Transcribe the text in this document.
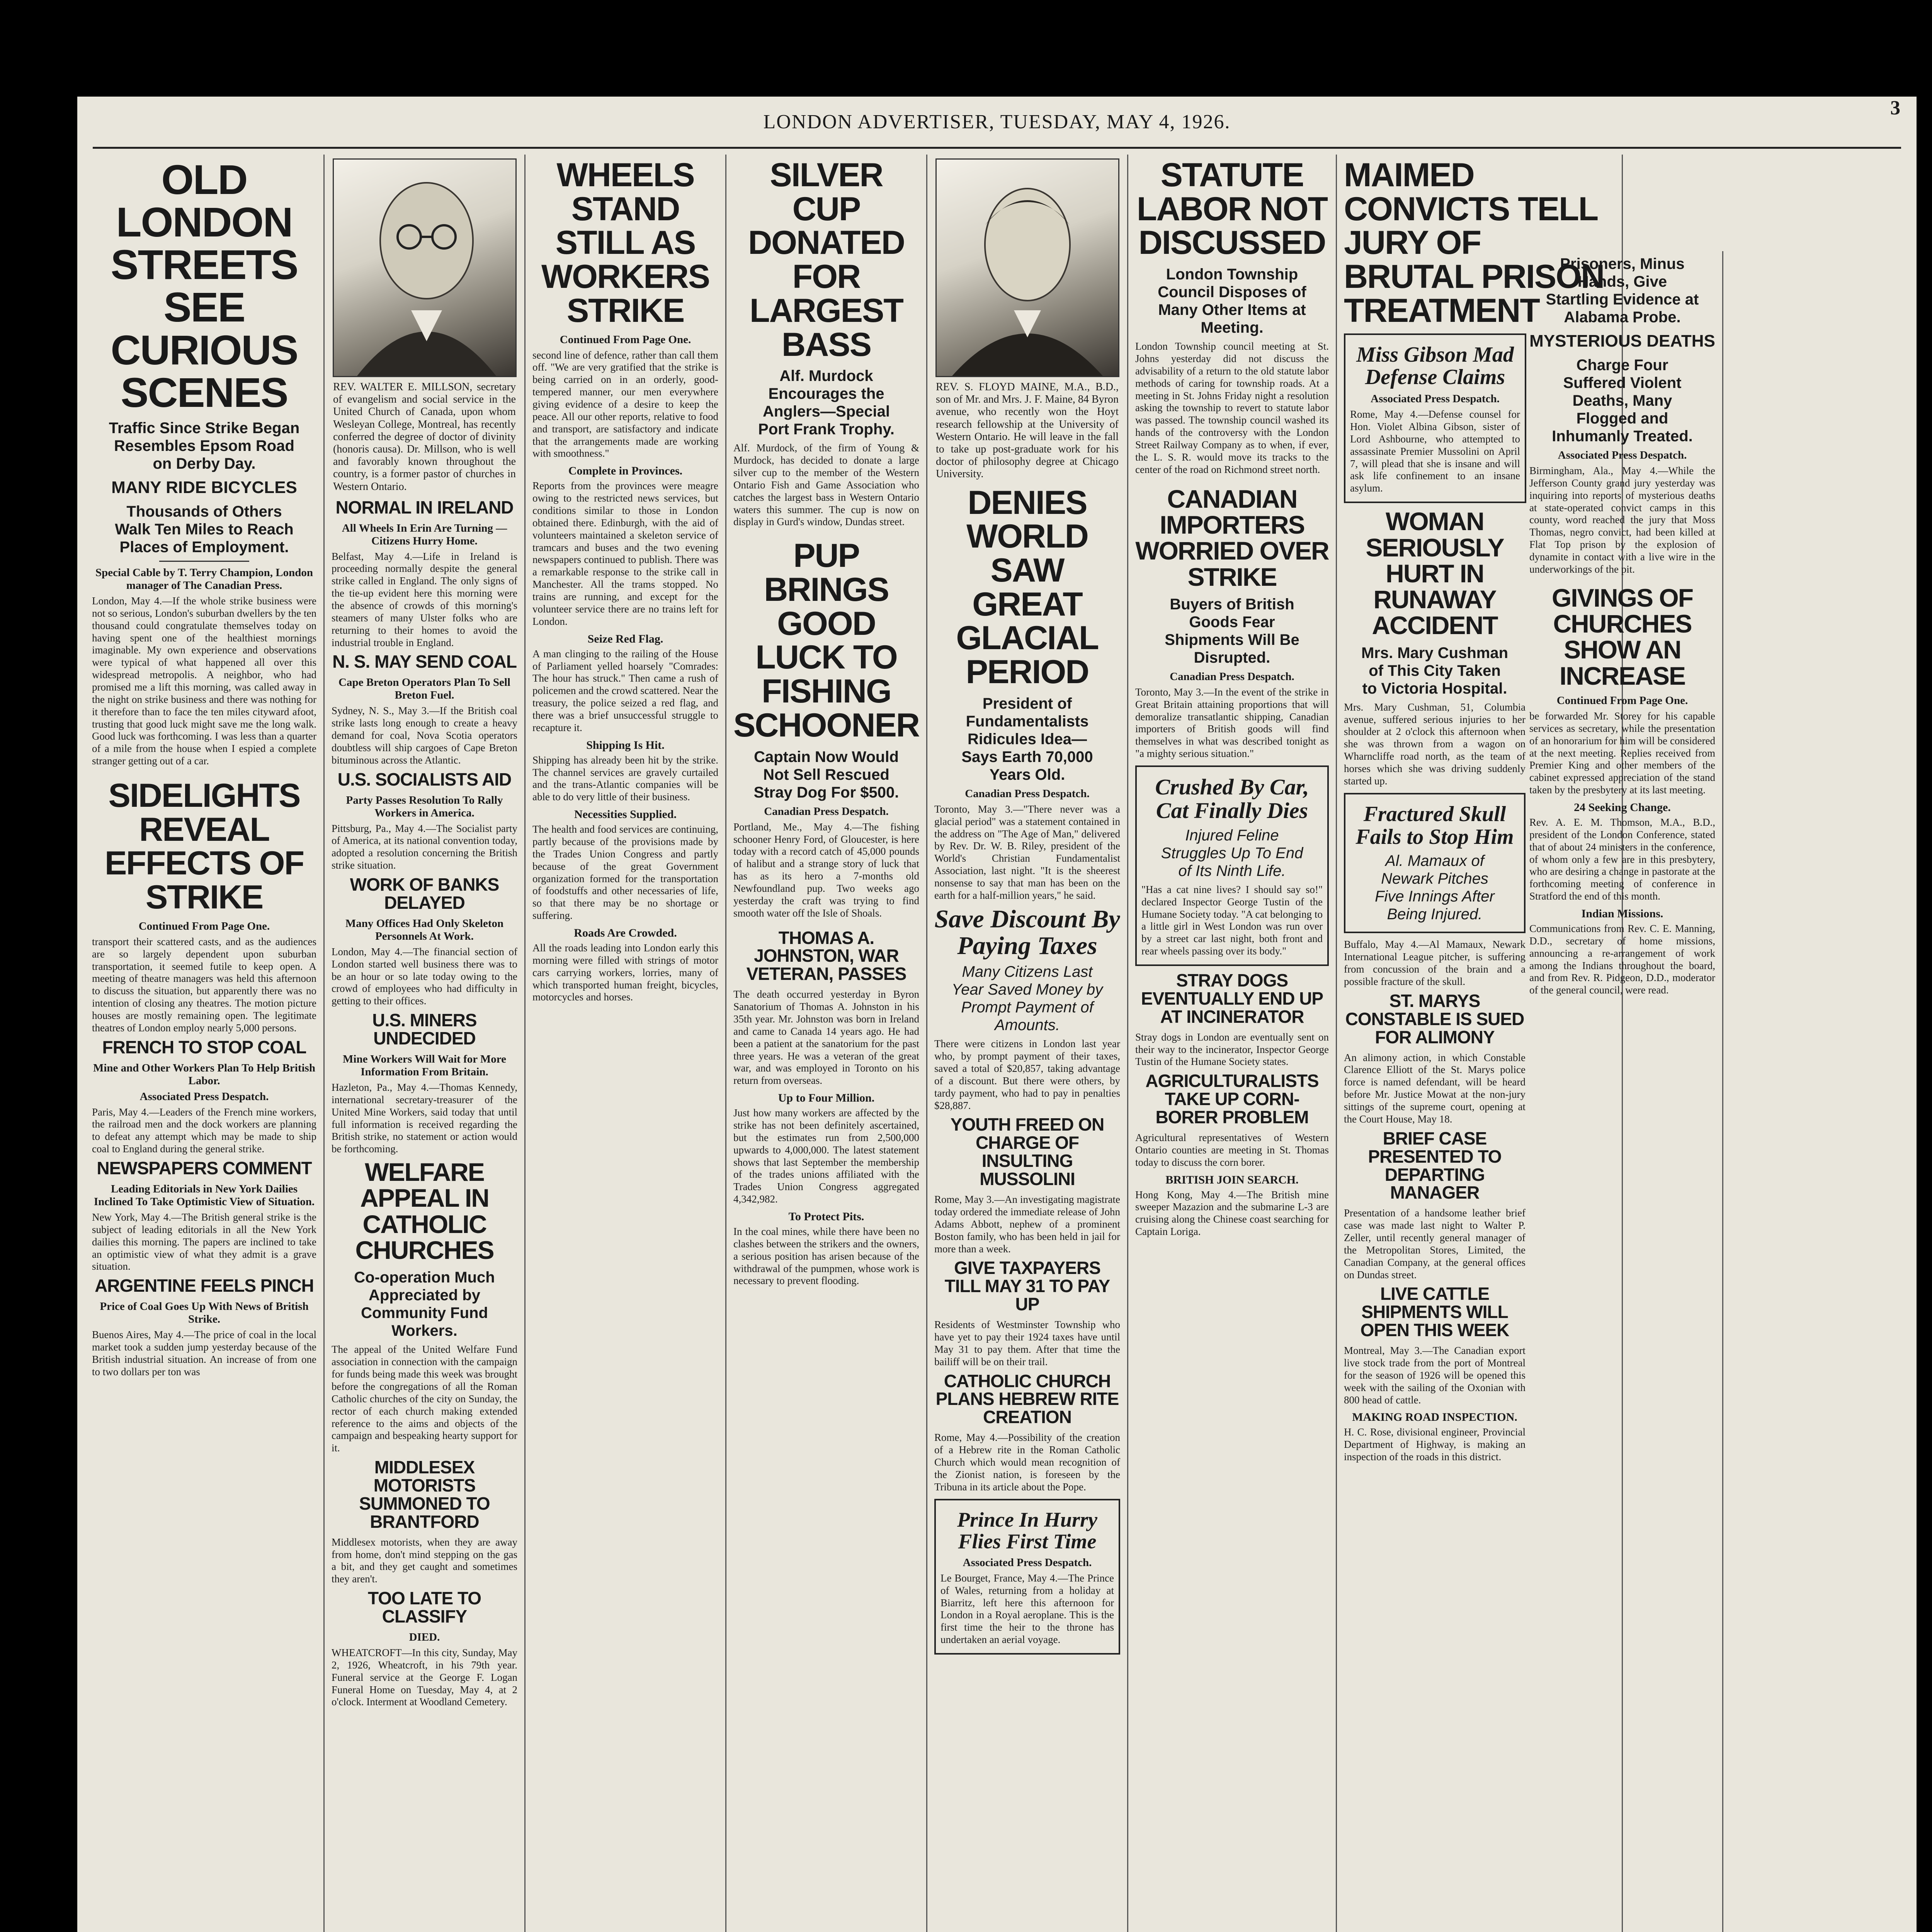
LONDON ADVERTISER, TUESDAY, MAY 4, 1926.
3
OLD LONDON STREETS SEE CURIOUS SCENES
Traffic Since Strike Began Resembles Epsom Road on Derby Day.
MANY RIDE BICYCLES
Thousands of Others Walk Ten Miles to Reach Places of Employment.
Special Cable by T. Terry Champion, London manager of The Canadian Press.
London, May 4.—If the whole strike business were not so serious, London's suburban dwellers by the ten thousand could congratulate themselves today on having spent one of the healthiest mornings imaginable. My own experience and observations were typical of what happened all over this widespread metropolis. A neighbor, who had promised me a lift this morning, was called away in the night on strike business and there was nothing for it therefore than to face the ten miles cityward afoot, trusting that good luck might save me the long walk. Good luck was forthcoming. I was less than a quarter of a mile from the house when I espied a complete stranger getting out of a car.
SIDELIGHTS REVEAL EFFECTS OF STRIKE
Continued From Page One.
transport their scattered casts, and as the audiences are so largely dependent upon suburban transportation, it seemed futile to keep open. A meeting of theatre managers was held this afternoon to discuss the situation, but apparently there was no intention of closing any theatres. The motion picture houses are mostly remaining open. The legitimate theatres of London employ nearly 5,000 persons.
FRENCH TO STOP COAL
Mine and Other Workers Plan To Help British Labor.
Associated Press Despatch.
Paris, May 4.—Leaders of the French mine workers, the railroad men and the dock workers are planning to defeat any attempt which may be made to ship coal to England during the general strike.
NEWSPAPERS COMMENT
Leading Editorials in New York Dailies Inclined To Take Optimistic View of Situation.
New York, May 4.—The British general strike is the subject of leading editorials in all the New York dailies this morning. The papers are inclined to take an optimistic view of what they admit is a grave situation.
ARGENTINE FEELS PINCH
Price of Coal Goes Up With News of British Strike.
Buenos Aires, May 4.—The price of coal in the local market took a sudden jump yesterday because of the British industrial situation. An increase of from one to two dollars per ton was
REV. WALTER E. MILLSON, secretary of evangelism and social service in the United Church of Canada, upon whom Wesleyan College, Montreal, has recently conferred the degree of doctor of divinity (honoris causa). Dr. Millson, who is well and favorably known throughout the country, is a former pastor of churches in Western Ontario.
NORMAL IN IRELAND
All Wheels In Erin Are Turning — Citizens Hurry Home.
Belfast, May 4.—Life in Ireland is proceeding normally despite the general strike called in England. The only signs of the tie-up evident here this morning were the absence of crowds of this morning's steamers of many Ulster folks who are returning to their homes to avoid the industrial trouble in England.
N. S. MAY SEND COAL
Cape Breton Operators Plan To Sell Breton Fuel.
Sydney, N. S., May 3.—If the British coal strike lasts long enough to create a heavy demand for coal, Nova Scotia operators doubtless will ship cargoes of Cape Breton bituminous across the Atlantic.
U.S. SOCIALISTS AID
Party Passes Resolution To Rally Workers in America.
Pittsburg, Pa., May 4.—The Socialist party of America, at its national convention today, adopted a resolution concerning the British strike situation.
WORK OF BANKS DELAYED
Many Offices Had Only Skeleton Personnels At Work.
London, May 4.—The financial section of London started well business there was to be an hour or so late today owing to the crowd of employees who had difficulty in getting to their offices.
U.S. MINERS UNDECIDED
Mine Workers Will Wait for More Information From Britain.
Hazleton, Pa., May 4.—Thomas Kennedy, international secretary-treasurer of the United Mine Workers, said today that until full information is received regarding the British strike, no statement or action would be forthcoming.
WELFARE APPEAL IN CATHOLIC CHURCHES
Co-operation Much Appreciated by Community Fund Workers.
The appeal of the United Welfare Fund association in connection with the campaign for funds being made this week was brought before the congregations of all the Roman Catholic churches of the city on Sunday, the rector of each church making extended reference to the aims and objects of the campaign and bespeaking hearty support for it.
MIDDLESEX MOTORISTS SUMMONED TO BRANTFORD
Middlesex motorists, when they are away from home, don't mind stepping on the gas a bit, and they get caught and sometimes they aren't.
TOO LATE TO CLASSIFY
DIED.
WHEATCROFT—In this city, Sunday, May 2, 1926, Wheatcroft, in his 79th year. Funeral service at the George F. Logan Funeral Home on Tuesday, May 4, at 2 o'clock. Interment at Woodland Cemetery.
WHEELS STAND STILL AS WORKERS STRIKE
Continued From Page One.
second line of defence, rather than call them off. "We are very gratified that the strike is being carried on in an orderly, good-tempered manner, our men everywhere giving evidence of a desire to keep the peace. All our other reports, relative to food and transport, are satisfactory and indicate that the arrangements made are working with smoothness."
Complete in Provinces.
Reports from the provinces were meagre owing to the restricted news services, but conditions similar to those in London obtained there. Edinburgh, with the aid of volunteers maintained a skeleton service of tramcars and buses and the two evening newspapers continued to publish. There was a remarkable response to the strike call in Manchester. All the trams stopped. No trains are running, and except for the volunteer service there are no trains left for London.
Seize Red Flag.
A man clinging to the railing of the House of Parliament yelled hoarsely "Comrades: The hour has struck." Then came a rush of policemen and the crowd scattered. Near the treasury, the police seized a red flag, and there was a brief unsuccessful struggle to recapture it.
Shipping Is Hit.
Shipping has already been hit by the strike. The channel services are gravely curtailed and the trans-Atlantic companies will be able to do very little of their business.
Necessities Supplied.
The health and food services are continuing, partly because of the provisions made by the Trades Union Congress and partly because of the great Government organization formed for the transportation of foodstuffs and other necessaries of life, so that there may be no shortage or suffering.
Roads Are Crowded.
All the roads leading into London early this morning were filled with strings of motor cars carrying workers, lorries, many of which transported human freight, bicycles, motorcycles and horses.
SILVER CUP DONATED FOR LARGEST BASS
Alf. Murdock Encourages the Anglers—Special Port Frank Trophy.
Alf. Murdock, of the firm of Young & Murdock, has decided to donate a large silver cup to the member of the Western Ontario Fish and Game Association who catches the largest bass in Western Ontario waters this summer. The cup is now on display in Gurd's window, Dundas street.
PUP BRINGS GOOD LUCK TO FISHING SCHOONER
Captain Now Would Not Sell Rescued Stray Dog For $500.
Canadian Press Despatch.
Portland, Me., May 4.—The fishing schooner Henry Ford, of Gloucester, is here today with a record catch of 45,000 pounds of halibut and a strange story of luck that has as its hero a 7-months old Newfoundland pup. Two weeks ago yesterday the craft was trying to find smooth water off the Isle of Shoals.
THOMAS A. JOHNSTON, WAR VETERAN, PASSES
The death occurred yesterday in Byron Sanatorium of Thomas A. Johnston in his 35th year. Mr. Johnston was born in Ireland and came to Canada 14 years ago. He had been a patient at the sanatorium for the past three years. He was a veteran of the great war, and was employed in Toronto on his return from overseas.
Up to Four Million.
Just how many workers are affected by the strike has not been definitely ascertained, but the estimates run from 2,500,000 upwards to 4,000,000. The latest statement shows that last September the membership of the trades unions affiliated with the Trades Union Congress aggregated 4,342,982.
To Protect Pits.
In the coal mines, while there have been no clashes between the strikers and the owners, a serious position has arisen because of the withdrawal of the pumpmen, whose work is necessary to prevent flooding.
REV. S. FLOYD MAINE, M.A., B.D., son of Mr. and Mrs. J. F. Maine, 84 Byron avenue, who recently won the Hoyt research fellowship at the University of Western Ontario. He will leave in the fall to take up post-graduate work for his doctor of philosophy degree at Chicago University.
DENIES WORLD SAW GREAT GLACIAL PERIOD
President of Fundamentalists Ridicules Idea—Says Earth 70,000 Years Old.
Canadian Press Despatch.
Toronto, May 3.—"There never was a glacial period" was a statement contained in the address on "The Age of Man," delivered by Rev. Dr. W. B. Riley, president of the World's Christian Fundamentalist Association, last night. "It is the sheerest nonsense to say that man has been on the earth for a half-million years," he said.
Save Discount By Paying Taxes
Many Citizens Last Year Saved Money by Prompt Payment of Amounts.
There were citizens in London last year who, by prompt payment of their taxes, saved a total of $20,857, taking advantage of a discount. But there were others, by tardy payment, who had to pay in penalties $28,887.
YOUTH FREED ON CHARGE OF INSULTING MUSSOLINI
Rome, May 3.—An investigating magistrate today ordered the immediate release of John Adams Abbott, nephew of a prominent Boston family, who has been held in jail for more than a week.
GIVE TAXPAYERS TILL MAY 31 TO PAY UP
Residents of Westminster Township who have yet to pay their 1924 taxes have until May 31 to pay them. After that time the bailiff will be on their trail.
CATHOLIC CHURCH PLANS HEBREW RITE CREATION
Rome, May 4.—Possibility of the creation of a Hebrew rite in the Roman Catholic Church which would mean recognition of the Zionist nation, is foreseen by the Tribuna in its article about the Pope.
Prince In Hurry Flies First Time
Associated Press Despatch.
Le Bourget, France, May 4.—The Prince of Wales, returning from a holiday at Biarritz, left here this afternoon for London in a Royal aeroplane. This is the first time the heir to the throne has undertaken an aerial voyage.
STATUTE LABOR NOT DISCUSSED
London Township Council Disposes of Many Other Items at Meeting.
London Township council meeting at St. Johns yesterday did not discuss the advisability of a return to the old statute labor methods of caring for township roads. At a meeting in St. Johns Friday night a resolution asking the township to revert to statute labor was passed. The township council washed its hands of the controversy with the London Street Railway Company as to when, if ever, the L. S. R. would move its tracks to the center of the road on Richmond street north.
CANADIAN IMPORTERS WORRIED OVER STRIKE
Buyers of British Goods Fear Shipments Will Be Disrupted.
Canadian Press Despatch.
Toronto, May 3.—In the event of the strike in Great Britain attaining proportions that will demoralize transatlantic shipping, Canadian importers of British goods will find themselves in what was described tonight as "a mighty serious situation."
Crushed By Car, Cat Finally Dies
Injured Feline Struggles Up To End of Its Ninth Life.
"Has a cat nine lives? I should say so!" declared Inspector George Tustin of the Humane Society today. "A cat belonging to a little girl in West London was run over by a street car last night, both front and rear wheels passing over its body."
STRAY DOGS EVENTUALLY END UP AT INCINERATOR
Stray dogs in London are eventually sent on their way to the incinerator, Inspector George Tustin of the Humane Society states.
AGRICULTURALISTS TAKE UP CORN-BORER PROBLEM
Agricultural representatives of Western Ontario counties are meeting in St. Thomas today to discuss the corn borer.
BRITISH JOIN SEARCH.
Hong Kong, May 4.—The British mine sweeper Mazazion and the submarine L-3 are cruising along the Chinese coast searching for Captain Loriga.
MAIMED CONVICTS TELL JURY OF BRUTAL PRISON TREATMENT
Miss Gibson Mad Defense Claims
Associated Press Despatch.
Rome, May 4.—Defense counsel for Hon. Violet Albina Gibson, sister of Lord Ashbourne, who attempted to assassinate Premier Mussolini on April 7, will plead that she is insane and will ask life confinement to an insane asylum.
WOMAN SERIOUSLY HURT IN RUNAWAY ACCIDENT
Mrs. Mary Cushman of This City Taken to Victoria Hospital.
Mrs. Mary Cushman, 51, Columbia avenue, suffered serious injuries to her shoulder at 2 o'clock this afternoon when she was thrown from a wagon on Wharncliffe road north, as the team of horses which she was driving suddenly started up.
Fractured Skull Fails to Stop Him
Al. Mamaux of Newark Pitches Five Innings After Being Injured.
Buffalo, May 4.—Al Mamaux, Newark International League pitcher, is suffering from concussion of the brain and a possible fracture of the skull.
ST. MARYS CONSTABLE IS SUED FOR ALIMONY
An alimony action, in which Constable Clarence Elliott of the St. Marys police force is named defendant, will be heard before Mr. Justice Mowat at the non-jury sittings of the supreme court, opening at the Court House, May 18.
BRIEF CASE PRESENTED TO DEPARTING MANAGER
Presentation of a handsome leather brief case was made last night to Walter P. Zeller, until recently general manager of the Metropolitan Stores, Limited, the Canadian Company, at the general offices on Dundas street.
LIVE CATTLE SHIPMENTS WILL OPEN THIS WEEK
Montreal, May 3.—The Canadian export live stock trade from the port of Montreal for the season of 1926 will be opened this week with the sailing of the Oxonian with 800 head of cattle.
MAKING ROAD INSPECTION.
H. C. Rose, divisional engineer, Provincial Department of Highway, is making an inspection of the roads in this district.
Prisoners, Minus Hands, Give Startling Evidence at Alabama Probe.
MYSTERIOUS DEATHS
Charge Four Suffered Violent Deaths, Many Flogged and Inhumanly Treated.
Associated Press Despatch.
Birmingham, Ala., May 4.—While the Jefferson County grand jury yesterday was inquiring into reports of mysterious deaths at state-operated convict camps in this county, word reached the jury that Moss Thomas, negro convict, had been killed at Flat Top prison by the explosion of dynamite in contact with a live wire in the underworkings of the pit.
GIVINGS OF CHURCHES SHOW AN INCREASE
Continued From Page One.
be forwarded Mr. Storey for his capable services as secretary, while the presentation of an honorarium for him will be considered at the next meeting. Replies received from Premier King and other members of the cabinet expressed appreciation of the stand taken by the presbytery at its last meeting.
24 Seeking Change.
Rev. A. E. M. Thomson, M.A., B.D., president of the London Conference, stated that of about 24 ministers in the conference, of whom only a few are in this presbytery, who are desiring a change in pastorate at the forthcoming meeting of conference in Stratford the end of this month.
Indian Missions.
Communications from Rev. C. E. Manning, D.D., secretary of home missions, announcing a re-arrangement of work among the Indians throughout the board, and from Rev. R. Pidgeon, D.D., moderator of the general council, were read.
